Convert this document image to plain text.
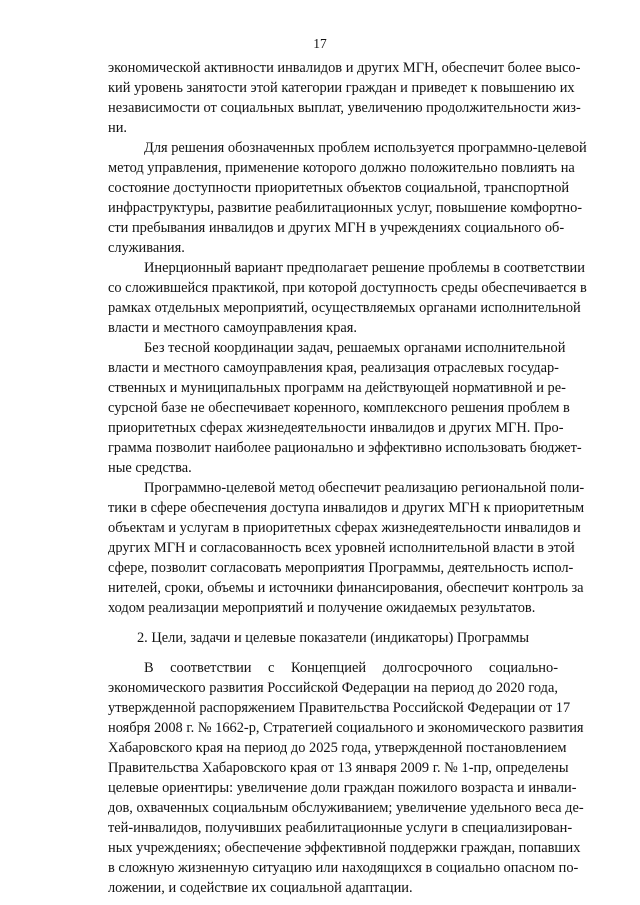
17
экономической активности инвалидов и других МГН, обеспечит более высо-
кий уровень занятости этой категории граждан и приведет к повышению их
независимости от социальных выплат, увеличению продолжительности жиз-
ни.
Для решения обозначенных проблем используется программно-целевой
метод управления, применение которого должно положительно повлиять на
состояние доступности приоритетных объектов социальной, транспортной
инфраструктуры, развитие реабилитационных услуг, повышение комфортно-
сти пребывания инвалидов и других МГН в учреждениях социального об-
служивания.
Инерционный вариант предполагает решение проблемы в соответствии
со сложившейся практикой, при которой доступность среды обеспечивается в
рамках отдельных мероприятий, осуществляемых органами исполнительной
власти и местного самоуправления края.
Без тесной координации задач, решаемых органами исполнительной
власти и местного самоуправления края, реализация отраслевых государ-
ственных и муниципальных программ на действующей нормативной и ре-
сурсной базе не обеспечивает коренного, комплексного решения проблем в
приоритетных сферах жизнедеятельности инвалидов и других МГН. Про-
грамма позволит наиболее рационально и эффективно использовать бюджет-
ные средства.
Программно-целевой метод обеспечит реализацию региональной поли-
тики в сфере обеспечения доступа инвалидов и других МГН к приоритетным
объектам и услугам в приоритетных сферах жизнедеятельности инвалидов и
других МГН и согласованность всех уровней исполнительной власти в этой
сфере, позволит согласовать мероприятия Программы, деятельность испол-
нителей, сроки, объемы и источники финансирования, обеспечит контроль за
ходом реализации мероприятий и получение ожидаемых результатов.
2. Цели, задачи и целевые показатели (индикаторы) Программы
В соответствии с Концепцией долгосрочного социально-
экономического развития Российской Федерации на период до 2020 года,
утвержденной распоряжением Правительства Российской Федерации от 17
ноября 2008 г. № 1662-р, Стратегией социального и экономического развития
Хабаровского края на период до 2025 года, утвержденной постановлением
Правительства Хабаровского края от 13 января 2009 г. № 1-пр, определены
целевые ориентиры: увеличение доли граждан пожилого возраста и инвали-
дов, охваченных социальным обслуживанием; увеличение удельного веса де-
тей-инвалидов, получивших реабилитационные услуги в специализирован-
ных учреждениях; обеспечение эффективной поддержки граждан, попавших
в сложную жизненную ситуацию или находящихся в социально опасном по-
ложении, и содействие их социальной адаптации.
